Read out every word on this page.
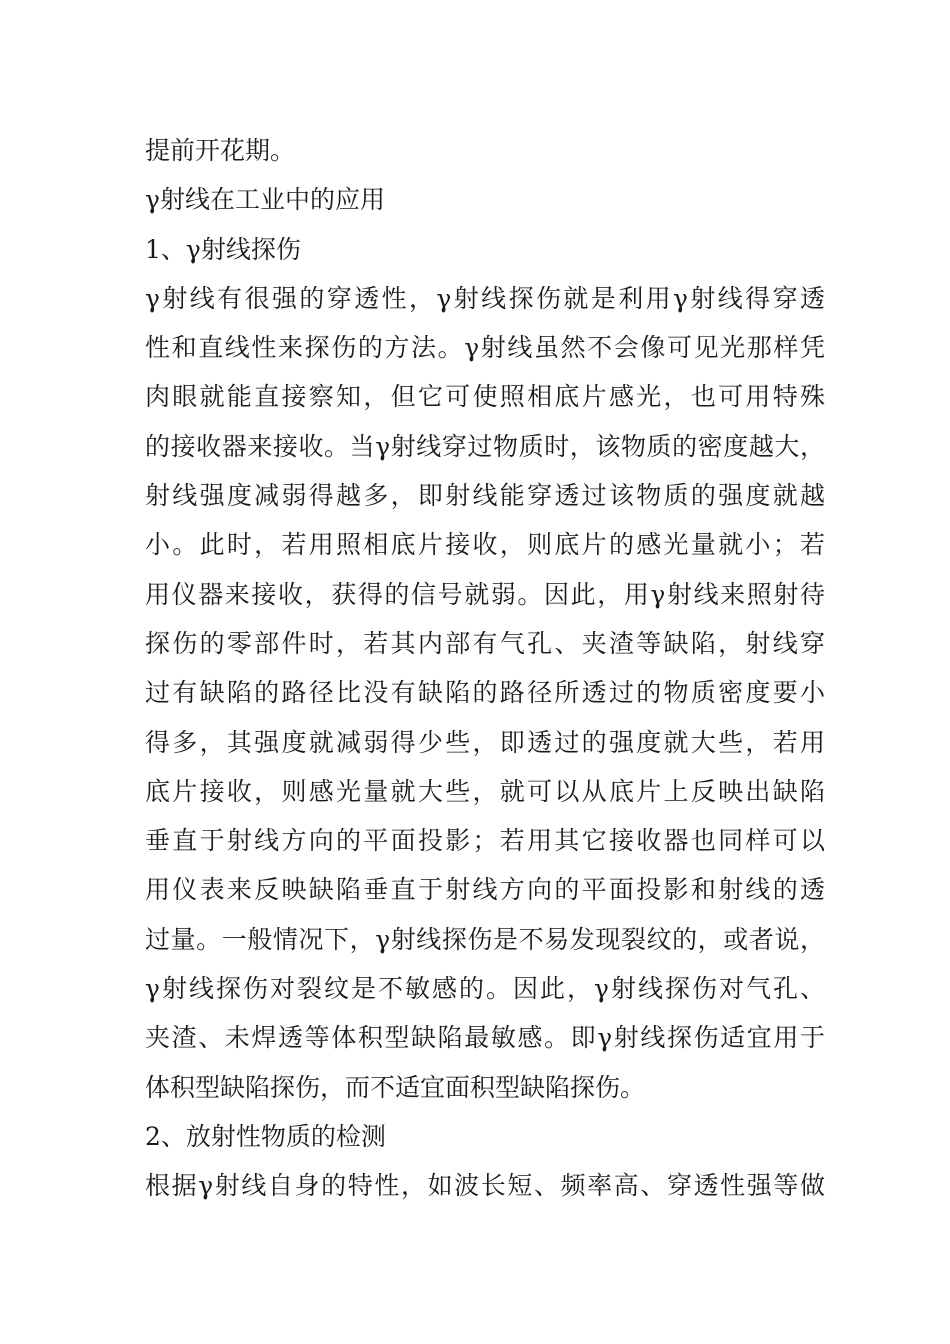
提前开花期。
γ射线在工业中的应用
1、γ射线探伤
γ射线有很强的穿透性，γ射线探伤就是利用γ射线得穿透
性和直线性来探伤的方法。γ射线虽然不会像可见光那样凭
肉眼就能直接察知，但它可使照相底片感光，也可用特殊
的接收器来接收。当γ射线穿过物质时，该物质的密度越大，
射线强度减弱得越多，即射线能穿透过该物质的强度就越
小。此时，若用照相底片接收，则底片的感光量就小；若
用仪器来接收，获得的信号就弱。因此，用γ射线来照射待
探伤的零部件时，若其内部有气孔、夹渣等缺陷，射线穿
过有缺陷的路径比没有缺陷的路径所透过的物质密度要小
得多，其强度就减弱得少些，即透过的强度就大些，若用
底片接收，则感光量就大些，就可以从底片上反映出缺陷
垂直于射线方向的平面投影；若用其它接收器也同样可以
用仪表来反映缺陷垂直于射线方向的平面投影和射线的透
过量。一般情况下，γ射线探伤是不易发现裂纹的，或者说，
γ射线探伤对裂纹是不敏感的。因此，γ射线探伤对气孔、
夹渣、未焊透等体积型缺陷最敏感。即γ射线探伤适宜用于
体积型缺陷探伤，而不适宜面积型缺陷探伤。
2、放射性物质的检测
根据γ射线自身的特性，如波长短、频率高、穿透性强等做
